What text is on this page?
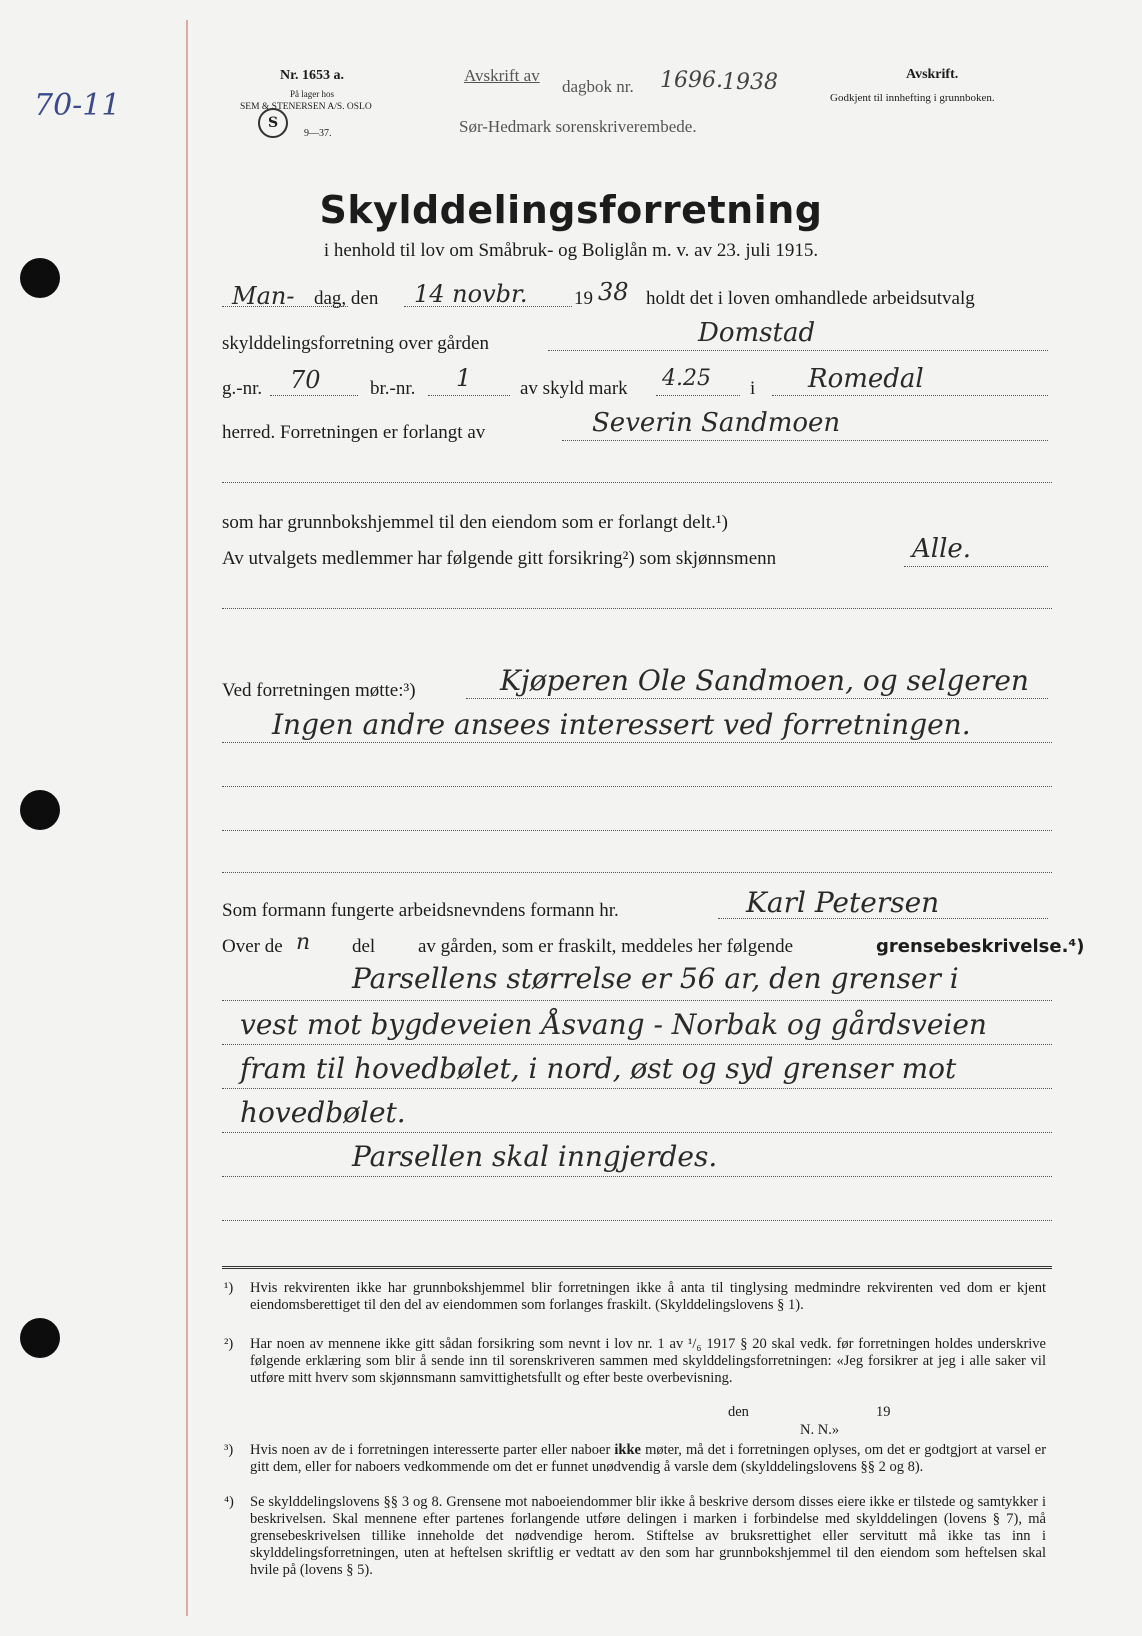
70-11
Nr. 1653 a.
På lager hos
SEM & STENERSEN A/S. OSLO
S
9—37.
Avskrift av
dagbok nr. 1696. 1938
Sør-Hedmark sorenskriverembede.
Avskrift.
Godkjent til innhefting i grunnboken.
Skylddelingsforretning
i henhold til lov om Småbruk- og Boliglån m. v. av 23. juli 1915.
Man- dag, den 14 novbr. 19 38 holdt det i loven omhandlede arbeidsutvalg
skylddelingsforretning over gården	Domstad
g.-nr. 70	br.-nr. 1	av skyld mark 4.25 i Romedal
herred. Forretningen er forlangt av	Severin Sandmoen
som har grunnbokshjemmel til den eiendom som er forlangt delt.¹)
Av utvalgets medlemmer har følgende gitt forsikring²) som skjønnsmenn	Alle.
Ved forretningen møtte:³)	Kjøperen Ole Sandmoen, og selgeren
Ingen andre ansees interessert ved forretningen.
Som formann fungerte arbeidsnevndens formann hr.	Karl Petersen
Over de n del av gården, som er fraskilt, meddeles her følgende	grensebeskrivelse.⁴)
Parsellens størrelse er 56 ar, den grenser i
vest mot bygdeveien Åsvang - Norbak og gårdsveien
fram til hovedbølet, i nord, øst og syd grenser mot
hovedbølet.
Parsellen skal inngjerdes.
¹) Hvis rekvirenten ikke har grunnbokshjemmel blir forretningen ikke å anta til tinglysing medmindre rekvirenten ved dom er kjent eiendomsberettiget til den del av eiendommen som forlanges fraskilt. (Skylddelingslovens § 1).
²) Har noen av mennene ikke gitt sådan forsikring som nevnt i lov nr. 1 av ¹/₆ 1917 § 20 skal vedk. før forretningen holdes underskrive følgende erklæring som blir å sende inn til sorenskriveren sammen med skylddelingsforretningen: «Jeg forsikrer at jeg i alle saker vil utføre mitt hverv som skjønnsmann samvittighetsfullt og efter beste overbevisning.
den	19
N. N.»
³) Hvis noen av de i forretningen interesserte parter eller naboer ikke møter, må det i forretningen oplyses, om det er godtgjort at varsel er gitt dem, eller for naboers vedkommende om det er funnet unødvendig å varsle dem (skylddelingslovens §§ 2 og 8).
⁴) Se skylddelingslovens §§ 3 og 8. Grensene mot naboeiendommer blir ikke å beskrive dersom disses eiere ikke er tilstede og samtykker i beskrivelsen. Skal mennene efter partenes forlangende utføre delingen i marken i forbindelse med skylddelingen (lovens § 7), må grensebeskrivelsen tillike inneholde det nødvendige herom. Stiftelse av bruksrettighet eller servitutt må ikke tas inn i skylddelingsforretningen, uten at heftelsen skriftlig er vedtatt av den som har grunnbokshjemmel til den eiendom som heftelsen skal hvile på (lovens § 5).
